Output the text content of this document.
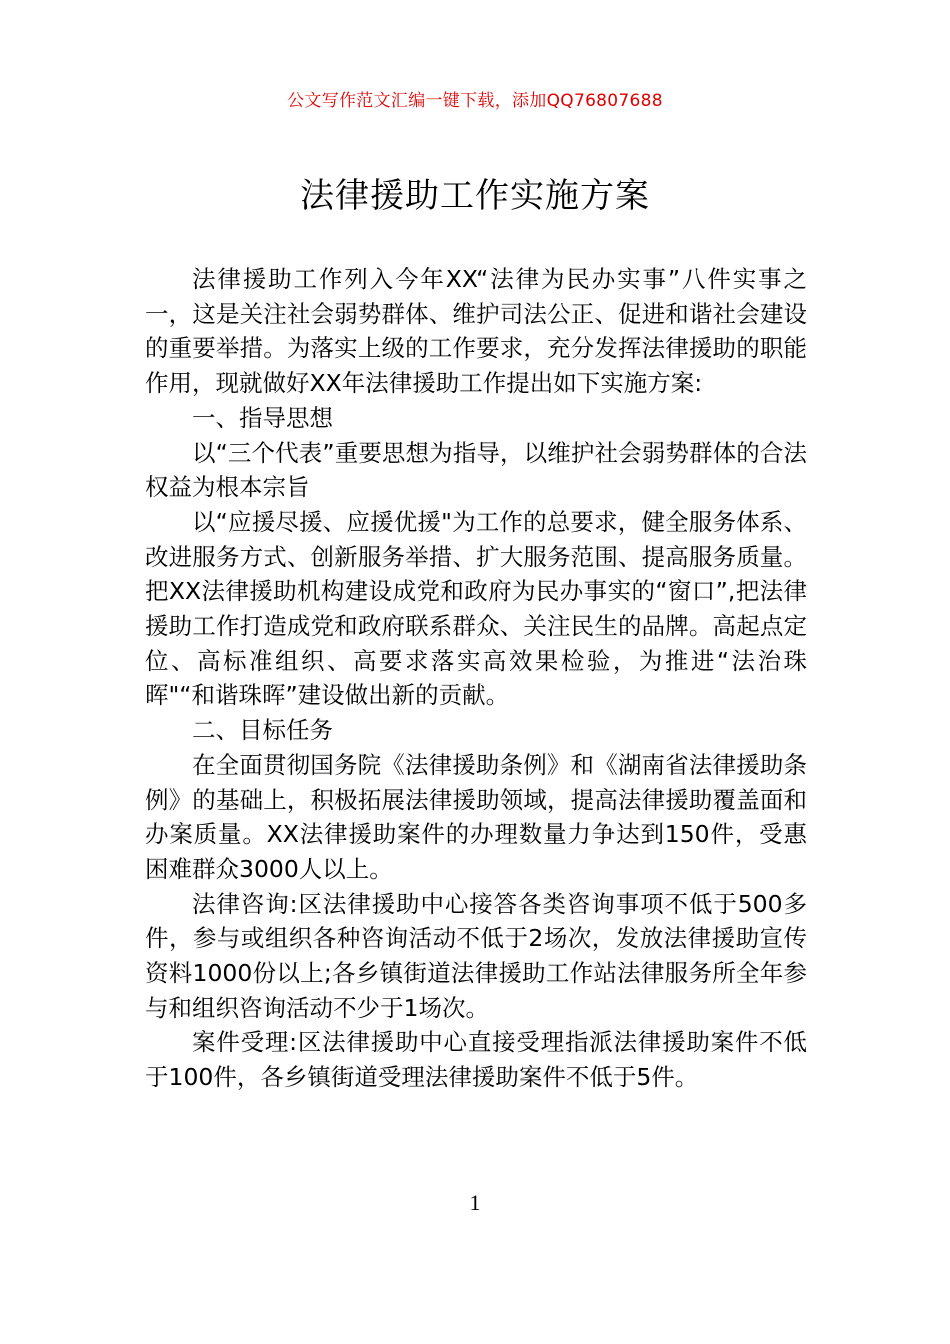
公文写作范文汇编一键下载，添加QQ76807688
法律援助工作实施方案

法律援助工作列入今年XX“法律为民办实事”八件实事之一，这是关注社会弱势群体、维护司法公正、促进和谐社会建设的重要举措。为落实上级的工作要求，充分发挥法律援助的职能作用，现就做好XX年法律援助工作提出如下实施方案:

一、指导思想

以“三个代表”重要思想为指导，以维护社会弱势群体的合法权益为根本宗旨

以“应援尽援、应援优援"为工作的总要求，健全服务体系、改进服务方式、创新服务举措、扩大服务范围、提高服务质量。把XX法律援助机构建设成党和政府为民办事实的“窗口”,把法律援助工作打造成党和政府联系群众、关注民生的品牌。高起点定位、高标准组织、高要求落实高效果检验，为推进“法治珠晖"“和谐珠晖”建设做出新的贡献。

二、目标任务

在全面贯彻国务院《法律援助条例》和《湖南省法律援助条例》的基础上，积极拓展法律援助领域，提高法律援助覆盖面和办案质量。XX法律援助案件的办理数量力争达到150件，受惠困难群众3000人以上。

法律咨询:区法律援助中心接答各类咨询事项不低于500多件，参与或组织各种咨询活动不低于2场次，发放法律援助宣传资料1000份以上;各乡镇街道法律援助工作站法律服务所全年参与和组织咨询活动不少于1场次。

案件受理:区法律援助中心直接受理指派法律援助案件不低于100件，各乡镇街道受理法律援助案件不低于5件。

1
